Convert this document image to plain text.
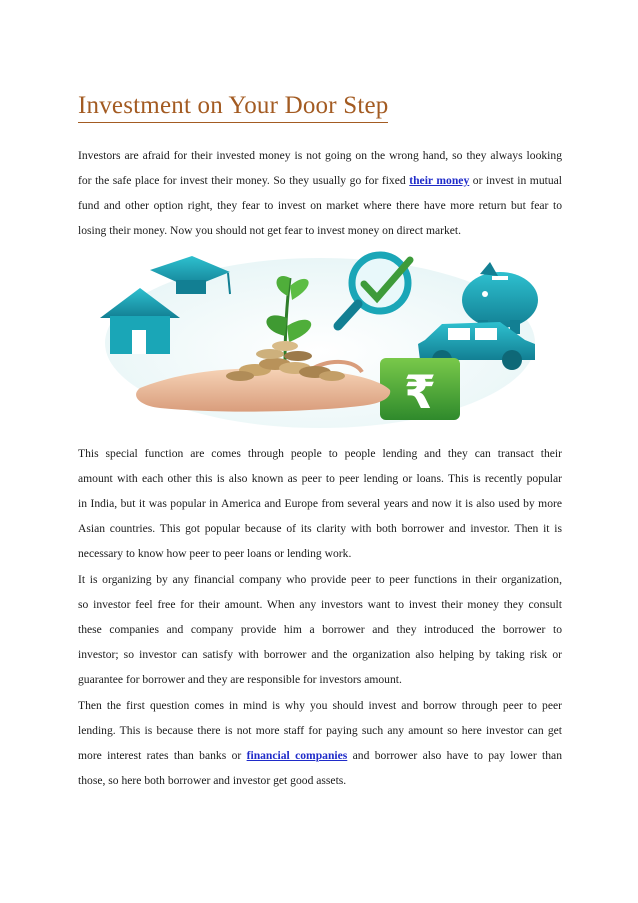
Investment on Your Door Step
Investors are afraid for their invested money is not going on the wrong hand, so they always looking
for the safe place for invest their money. So they usually go for fixed their money or invest in mutual
fund and other option right, they fear to invest on market where there have more return but fear to
losing their money. Now you should not get fear to invest money on direct market.
₹
This special function are comes through people to people lending and they can transact their
amount with each other this is also known as peer to peer lending or loans. This is recently popular
in India, but it was popular in America and Europe from several years and now it is also used by more
Asian countries. This got popular because of its clarity with both borrower and investor. Then it is
necessary to know how peer to peer loans or lending work.
It is organizing by any financial company who provide peer to peer functions in their organization,
so investor feel free for their amount. When any investors want to invest their money they consult
these companies and company provide him a borrower and they introduced the borrower to
investor; so investor can satisfy with borrower and the organization also helping by taking risk or
guarantee for borrower and they are responsible for investors amount.
Then the first question comes in mind is why you should invest and borrow through peer to peer
lending. This is because there is not more staff for paying such any amount so here investor can get
more interest rates than banks or financial companies and borrower also have to pay lower than
those, so here both borrower and investor get good assets.
